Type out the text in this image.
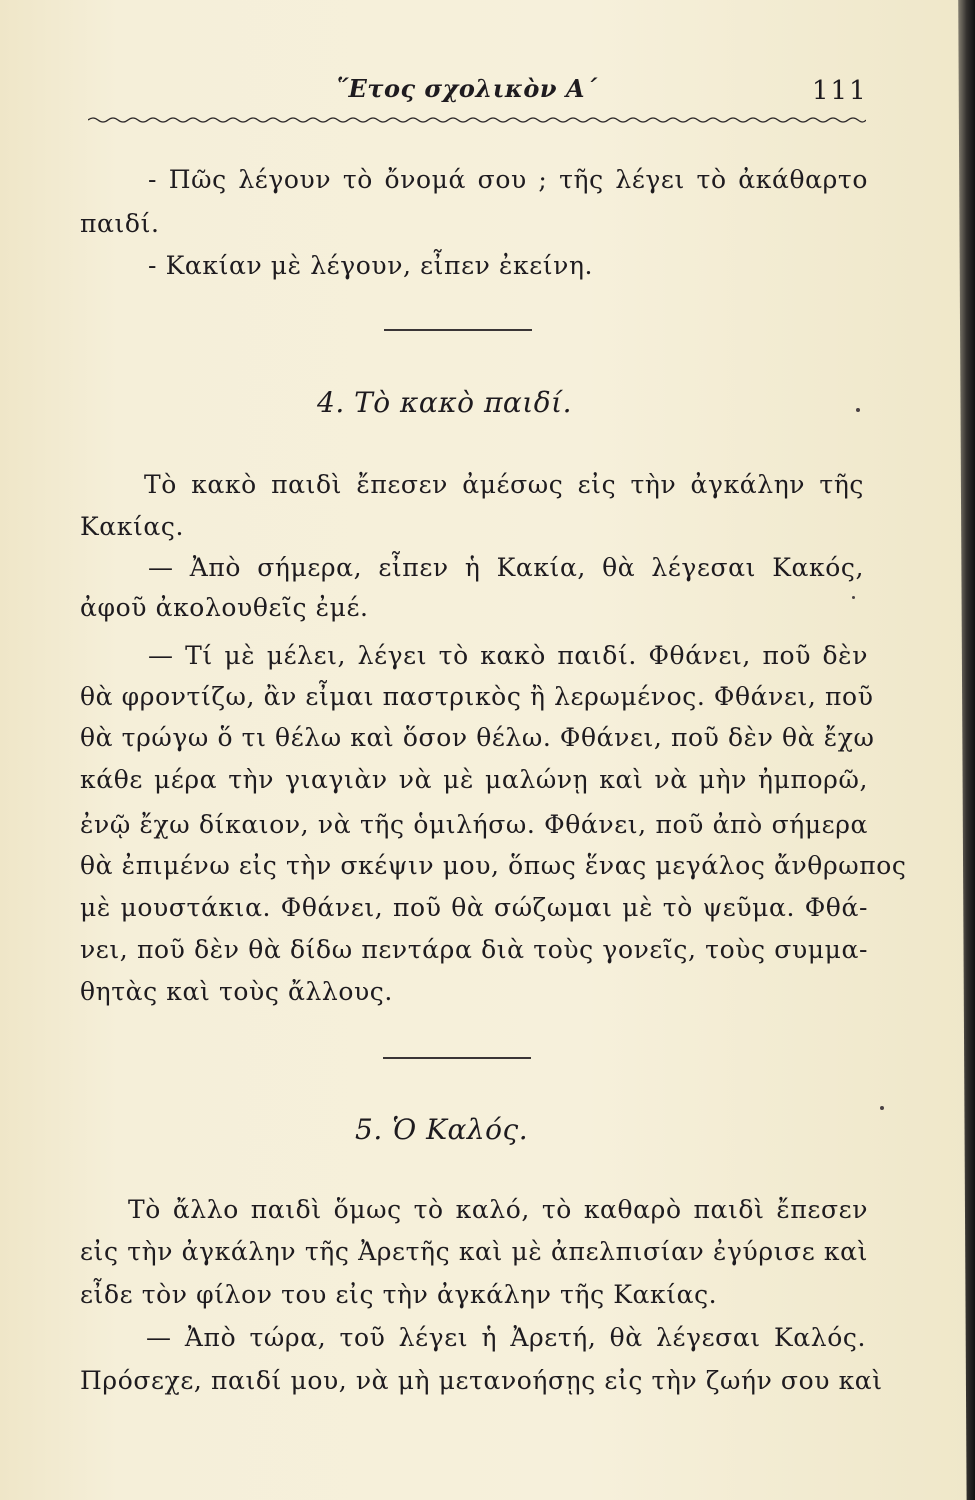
῞Ετος σχολικὸν Α΄	111
- Πῶς λέγουν τὸ ὄνομά σου ; τῆς λέγει τὸ ἀκάθαρτο
παιδί.
- Κακίαν μὲ λέγουν, εἶπεν ἐκείνη.
4. Τὸ κακὸ παιδί.
Τὸ κακὸ παιδὶ ἔπεσεν ἀμέσως εἰς τὴν ἀγκάλην τῆς
Κακίας.
— Ἀπὸ σήμερα, εἶπεν ἡ Κακία, θὰ λέγεσαι Κακός,
ἀφοῦ ἀκολουθεῖς ἐμέ.
— Τί μὲ μέλει, λέγει τὸ κακὸ παιδί. Φθάνει, ποῦ δὲν
θὰ φροντίζω, ἂν εἶμαι παστρικὸς ἢ λερωμένος. Φθάνει, ποῦ
θὰ τρώγω ὅ τι θέλω καὶ ὅσον θέλω. Φθάνει, ποῦ δὲν θὰ ἔχω
κάθε μέρα τὴν γιαγιὰν νὰ μὲ μαλώνῃ καὶ νὰ μὴν ἠμπορῶ,
ἐνῷ ἔχω δίκαιον, νὰ τῆς ὁμιλήσω. Φθάνει, ποῦ ἀπὸ σήμερα
θὰ ἐπιμένω εἰς τὴν σκέψιν μου, ὅπως ἕνας μεγάλος ἄνθρωπος
μὲ μουστάκια. Φθάνει, ποῦ θὰ σώζωμαι μὲ τὸ ψεῦμα. Φθά-
νει, ποῦ δὲν θὰ δίδω πεντάρα διὰ τοὺς γονεῖς, τοὺς συμμα-
θητὰς καὶ τοὺς ἄλλους.
5. Ὁ Καλός.
Τὸ ἄλλο παιδὶ ὅμως τὸ καλό, τὸ καθαρὸ παιδὶ ἔπεσεν
εἰς τὴν ἀγκάλην τῆς Ἀρετῆς καὶ μὲ ἀπελπισίαν ἐγύρισε καὶ
εἶδε τὸν φίλον του εἰς τὴν ἀγκάλην τῆς Κακίας.
— Ἀπὸ τώρα, τοῦ λέγει ἡ Ἀρετή, θὰ λέγεσαι Καλός.
Πρόσεχε, παιδί μου, νὰ μὴ μετανοήσῃς εἰς τὴν ζωήν σου καὶ
